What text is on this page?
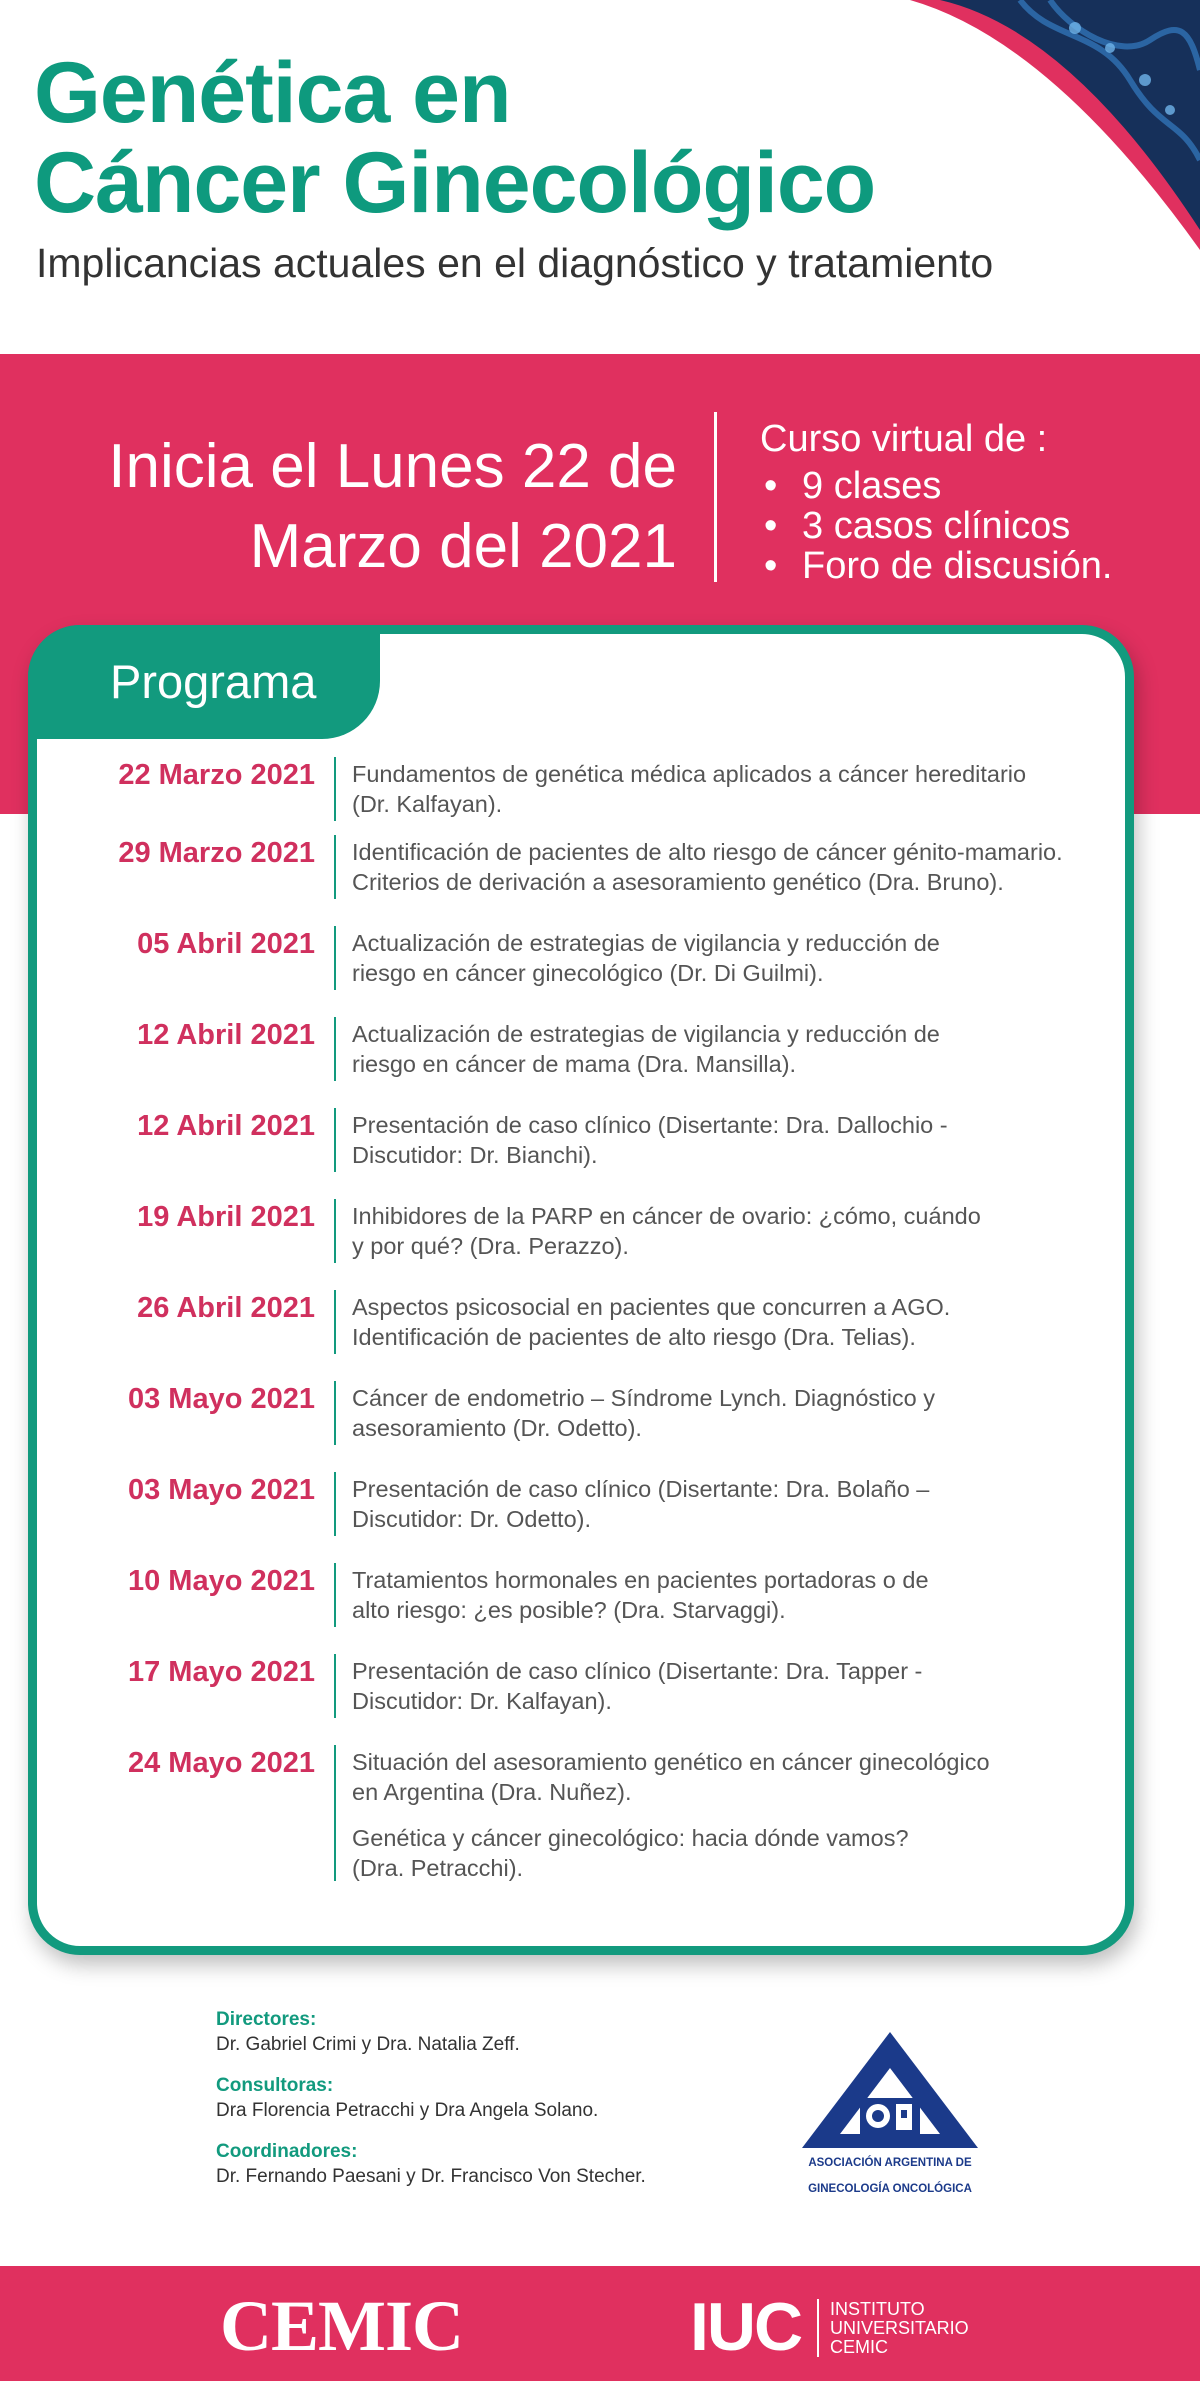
Genética en
Cáncer Ginecológico
Implicancias actuales en el diagnóstico y tratamiento
Inicia el Lunes 22 de
Marzo del 2021
Curso virtual de :
• 9 clases
• 3 casos clínicos
• Foro de discusión.
Programa
22 Marzo 2021 Fundamentos de genética médica aplicados a cáncer hereditario
(Dr. Kalfayan).
29 Marzo 2021 Identificación de pacientes de alto riesgo de cáncer génito-mamario.
Criterios de derivación a asesoramiento genético (Dra. Bruno).
05 Abril 2021 Actualización de estrategias de vigilancia y reducción de
riesgo en cáncer ginecológico (Dr. Di Guilmi).
12 Abril 2021 Actualización de estrategias de vigilancia y reducción de
riesgo en cáncer de mama (Dra. Mansilla).
12 Abril 2021 Presentación de caso clínico (Disertante: Dra. Dallochio -
Discutidor: Dr. Bianchi).
19 Abril 2021 Inhibidores de la PARP en cáncer de ovario: ¿cómo, cuándo
y por qué? (Dra. Perazzo).
26 Abril 2021 Aspectos psicosocial en pacientes que concurren a AGO.
Identificación de pacientes de alto riesgo (Dra. Telias).
03 Mayo 2021 Cáncer de endometrio – Síndrome Lynch. Diagnóstico y
asesoramiento (Dr. Odetto).
03 Mayo 2021 Presentación de caso clínico (Disertante: Dra. Bolaño –
Discutidor: Dr. Odetto).
10 Mayo 2021 Tratamientos hormonales en pacientes portadoras o de
alto riesgo: ¿es posible? (Dra. Starvaggi).
17 Mayo 2021 Presentación de caso clínico (Disertante: Dra. Tapper -
Discutidor: Dr. Kalfayan).
24 Mayo 2021 Situación del asesoramiento genético en cáncer ginecológico
en Argentina (Dra. Nuñez).
Genética y cáncer ginecológico: hacia dónde vamos?
(Dra. Petracchi).
Directores:
Dr. Gabriel Crimi y Dra. Natalia Zeff.
Consultoras:
Dra Florencia Petracchi y Dra Angela Solano.
Coordinadores:
Dr. Fernando Paesani y Dr. Francisco Von Stecher.
ASOCIACIÓN ARGENTINA DE
GINECOLOGÍA ONCOLÓGICA
CEMIC	IUC INSTITUTO
UNIVERSITARIO
CEMIC
